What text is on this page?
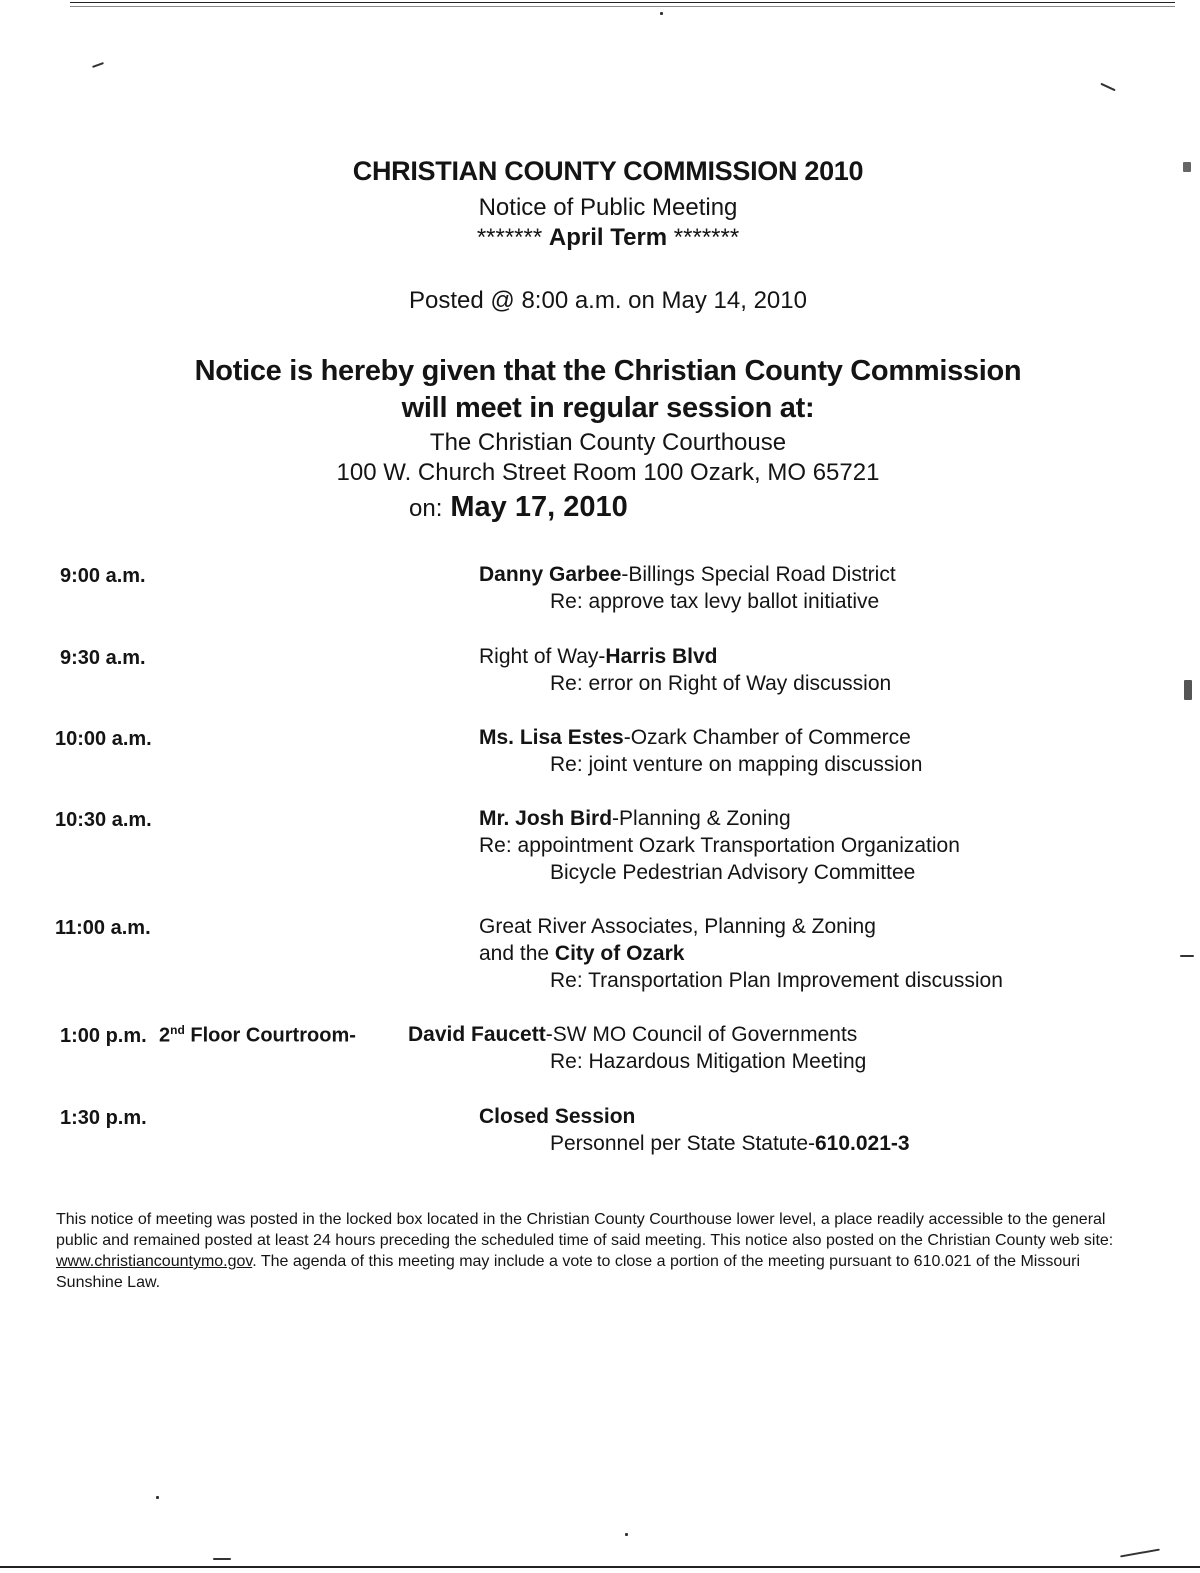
CHRISTIAN COUNTY COMMISSION 2010
Notice of Public Meeting
******* April Term *******
Posted @ 8:00 a.m. on May 14, 2010
Notice is hereby given that the Christian County Commission
will meet in regular session at:
The Christian County Courthouse
100 W. Church Street Room 100 Ozark, MO 65721
on: May 17, 2010
9:00 a.m.	Danny Garbee-Billings Special Road District
Re: approve tax levy ballot initiative
9:30 a.m.	Right of Way-Harris Blvd
Re: error on Right of Way discussion
10:00 a.m.	Ms. Lisa Estes-Ozark Chamber of Commerce
Re: joint venture on mapping discussion
10:30 a.m.	Mr. Josh Bird-Planning & Zoning
Re: appointment Ozark Transportation Organization
Bicycle Pedestrian Advisory Committee
11:00 a.m.	Great River Associates, Planning & Zoning
and the City of Ozark
Re: Transportation Plan Improvement discussion
1:00 p.m. 2nd Floor Courtroom- David Faucett-SW MO Council of Governments
Re: Hazardous Mitigation Meeting
1:30 p.m.	Closed Session
Personnel per State Statute-610.021-3
This notice of meeting was posted in the locked box located in the Christian County Courthouse lower level, a place readily accessible to the general
public and remained posted at least 24 hours preceding the scheduled time of said meeting. This notice also posted on the Christian County web site:
www.christiancountymo.gov. The agenda of this meeting may include a vote to close a portion of the meeting pursuant to 610.021 of the Missouri
Sunshine Law.
